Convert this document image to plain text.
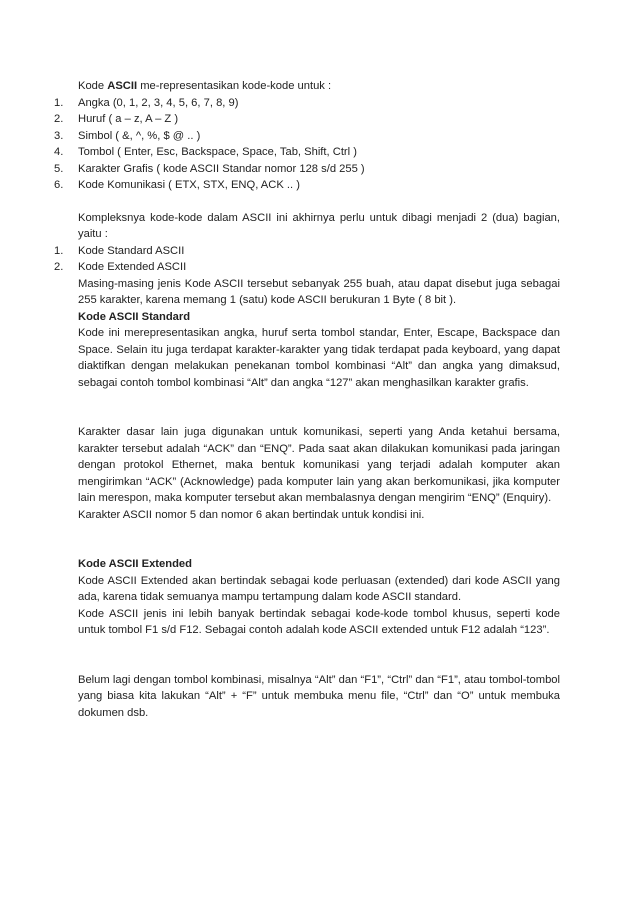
Kode ASCII me-representasikan kode-kode untuk :

1. Angka (0, 1, 2, 3, 4, 5, 6, 7, 8, 9)
2. Huruf ( a – z, A – Z )
3. Simbol ( &, ^, %, $ @ .. )
4. Tombol ( Enter, Esc, Backspace, Space, Tab, Shift, Ctrl )
5. Karakter Grafis ( kode ASCII Standar nomor 128 s/d 255 )
6. Kode Komunikasi ( ETX, STX, ENQ, ACK .. )

Kompleksnya kode-kode dalam ASCII ini akhirnya perlu untuk dibagi menjadi 2 (dua) bagian, yaitu :

1. Kode Standard ASCII
2. Kode Extended ASCII

Masing-masing jenis Kode ASCII tersebut sebanyak 255 buah, atau dapat disebut juga sebagai 255 karakter, karena memang 1 (satu) kode ASCII berukuran 1 Byte ( 8 bit ).

Kode ASCII Standard

Kode ini merepresentasikan angka, huruf serta tombol standar, Enter, Escape, Backspace dan Space. Selain itu juga terdapat karakter-karakter yang tidak terdapat pada keyboard, yang dapat diaktifkan dengan melakukan penekanan tombol kombinasi “Alt” dan angka yang dimaksud, sebagai contoh tombol kombinasi “Alt” dan angka “127” akan menghasilkan karakter grafis.

Karakter dasar lain juga digunakan untuk komunikasi, seperti yang Anda ketahui bersama, karakter tersebut adalah “ACK” dan “ENQ”. Pada saat akan dilakukan komunikasi pada jaringan dengan protokol Ethernet, maka bentuk komunikasi yang terjadi adalah komputer akan mengirimkan “ACK” (Acknowledge) pada komputer lain yang akan berkomunikasi, jika komputer lain merespon, maka komputer tersebut akan membalasnya dengan mengirim “ENQ” (Enquiry).

Karakter ASCII nomor 5 dan nomor 6 akan bertindak untuk kondisi ini.

Kode ASCII Extended

Kode ASCII Extended akan bertindak sebagai kode perluasan (extended) dari kode ASCII yang ada, karena tidak semuanya mampu tertampung dalam kode ASCII standard.

Kode ASCII jenis ini lebih banyak bertindak sebagai kode-kode tombol khusus, seperti kode untuk tombol F1 s/d F12. Sebagai contoh adalah kode ASCII extended untuk F12 adalah “123”.

Belum lagi dengan tombol kombinasi, misalnya “Alt” dan “F1”, “Ctrl” dan “F1”, atau tombol-tombol yang biasa kita lakukan “Alt” + “F” untuk membuka menu file, “Ctrl” dan “O” untuk membuka dokumen dsb.
